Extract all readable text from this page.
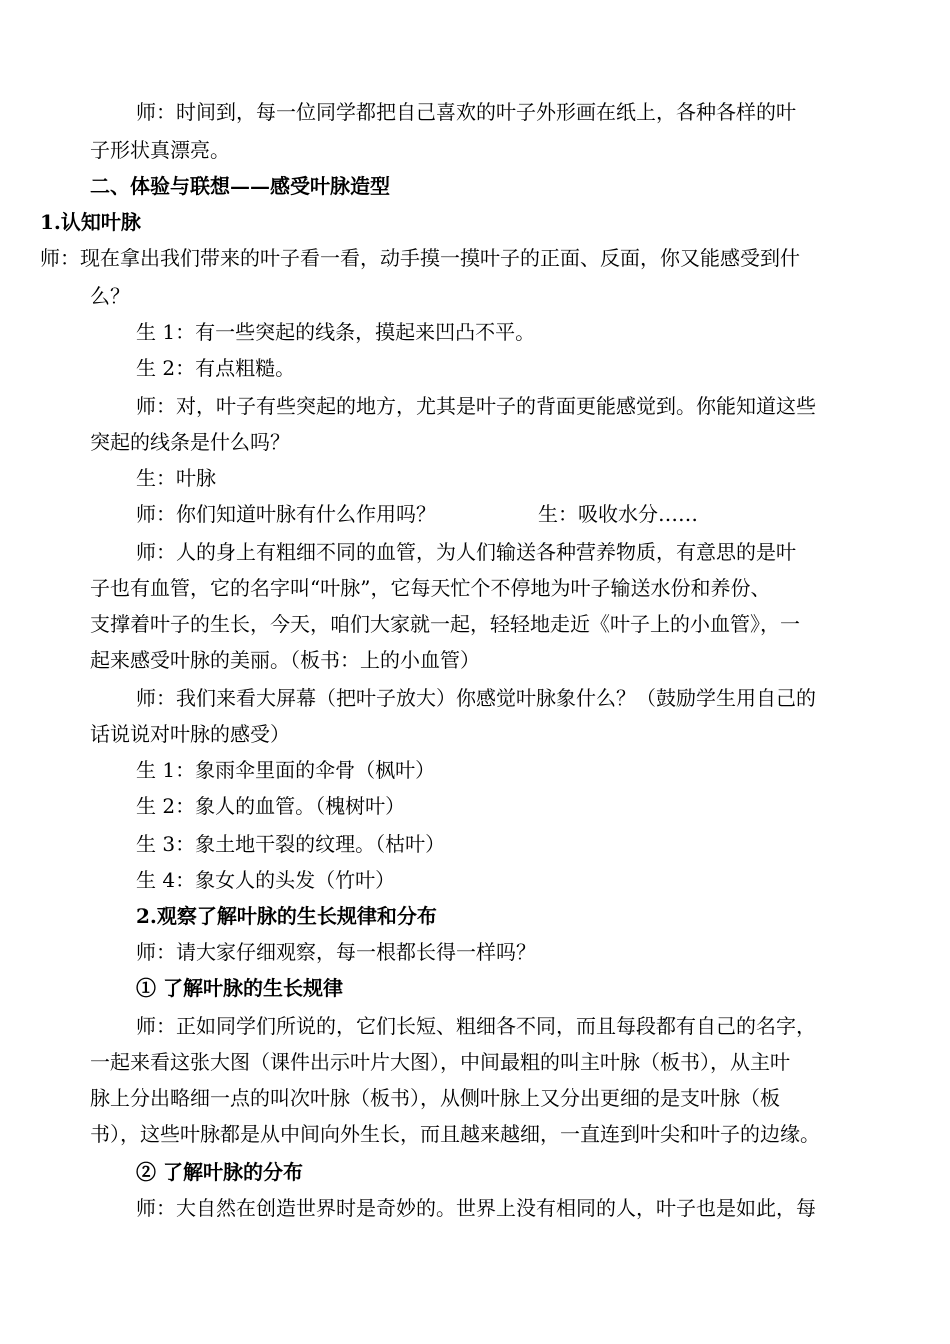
师：时间到，每一位同学都把自己喜欢的叶子外形画在纸上，各种各样的叶
子形状真漂亮。
二、体验与联想——感受叶脉造型
1.认知叶脉
师：现在拿出我们带来的叶子看一看，动手摸一摸叶子的正面、反面，你又能感受到什
么？
生 1：有一些突起的线条，摸起来凹凸不平。
生 2：有点粗糙。
师：对，叶子有些突起的地方，尤其是叶子的背面更能感觉到。你能知道这些
突起的线条是什么吗？
生：叶脉
师：你们知道叶脉有什么作用吗？	生：吸收水分……
师：人的身上有粗细不同的血管，为人们输送各种营养物质，有意思的是叶
子也有血管，它的名字叫“叶脉”，它每天忙个不停地为叶子输送水份和养份、
支撑着叶子的生长，今天，咱们大家就一起，轻轻地走近《叶子上的小血管》，一
起来感受叶脉的美丽。（板书：上的小血管）
师：我们来看大屏幕（把叶子放大）你感觉叶脉象什么？（鼓励学生用自己的
话说说对叶脉的感受）
生 1：象雨伞里面的伞骨（枫叶）
生 2：象人的血管。（槐树叶）
生 3：象土地干裂的纹理。（枯叶）
生 4：象女人的头发（竹叶）
2.观察了解叶脉的生长规律和分布
师：请大家仔细观察，每一根都长得一样吗？
① 了解叶脉的生长规律
师：正如同学们所说的，它们长短、粗细各不同，而且每段都有自己的名字，
一起来看这张大图（课件出示叶片大图），中间最粗的叫主叶脉（板书），从主叶
脉上分出略细一点的叫次叶脉（板书），从侧叶脉上又分出更细的是支叶脉（板
书），这些叶脉都是从中间向外生长，而且越来越细，一直连到叶尖和叶子的边缘。
② 了解叶脉的分布
师：大自然在创造世界时是奇妙的。世界上没有相同的人，叶子也是如此，每
